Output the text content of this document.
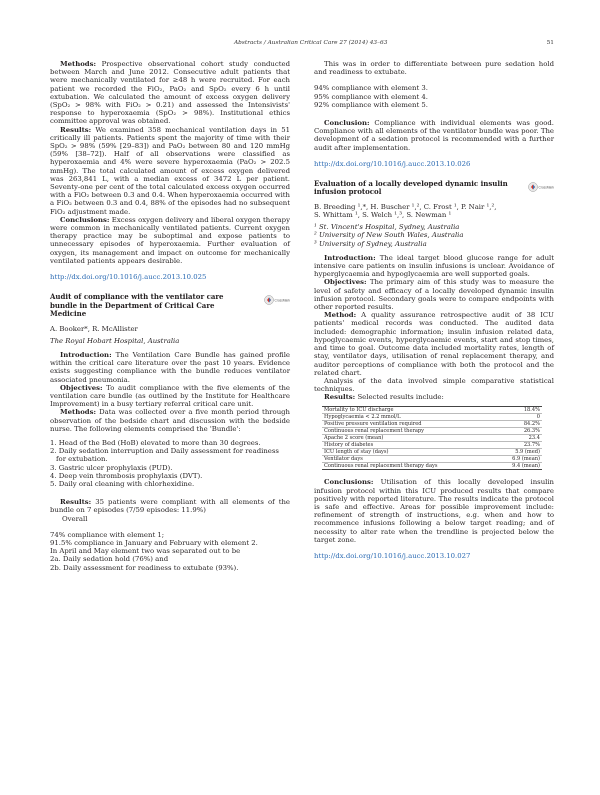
Abstracts / Australian Critical Care 27 (2014) 43–63	51

Methods: Prospective observational cohort study conducted between March and June 2012. Consecutive adult patients that were mechanically ventilated for ≥48 h were recruited. For each patient we recorded the FiO₂, PaO₂ and SpO₂ every 6 h until extubation. We calculated the amount of excess oxygen delivery (SpO₂ > 98% with FiO₂ > 0.21) and assessed the Intensivists' response to hyperoxaemia (SpO₂ > 98%). Institutional ethics committee approval was obtained.

Results: We examined 358 mechanical ventilation days in 51 critically ill patients. Patients spent the majority of time with their SpO₂ > 98% (59% [29–83]) and PaO₂ between 80 and 120 mmHg (59% [38–72]). Half of all observations were classified as hyperoxaemia and 4% were severe hyperoxaemia (PaO₂ > 202.5 mmHg). The total calculated amount of excess oxygen delivered was 263,841 L, with a median excess of 3472 L per patient. Seventy-one per cent of the total calculated excess oxygen occurred with a FiO₂ between 0.3 and 0.4. When hyperoxaemia occurred with a FiO₂ between 0.3 and 0.4, 88% of the episodes had no subsequent FiO₂ adjustment made.

Conclusions: Excess oxygen delivery and liberal oxygen therapy were common in mechanically ventilated patients. Current oxygen therapy practice may be suboptimal and expose patients to unnecessary episodes of hyperoxaemia. Further evaluation of oxygen, its management and impact on outcome for mechanically ventilated patients appears desirable.

http://dx.doi.org/10.1016/j.aucc.2013.10.025

Audit of compliance with the ventilator care bundle in the Department of Critical Care Medicine
CrossMark

A. Booker*, R. McAllister

The Royal Hobart Hospital, Australia

Introduction: The Ventilation Care Bundle has gained profile within the critical care literature over the past 10 years. Evidence exists suggesting compliance with the bundle reduces ventilator associated pneumonia.

Objectives: To audit compliance with the five elements of the ventilation care bundle (as outlined by the Institute for Healthcare Improvement) in a busy tertiary referral critical care unit.

Methods: Data was collected over a five month period through observation of the bedside chart and discussion with the bedside nurse. The following elements comprised the 'Bundle':

1. Head of the Bed (HoB) elevated to more than 30 degrees.
2. Daily sedation interruption and Daily assessment for readiness for extubation.
3. Gastric ulcer prophylaxis (PUD).
4. Deep vein thrombosis prophylaxis (DVT).
5. Daily oral cleaning with chlorhexidine.

Results: 35 patients were compliant with all elements of the bundle on 7 episodes (7/59 episodes: 11.9%)

Overall

74% compliance with element 1;
91.5% compliance in January and February with element 2.
In April and May element two was separated out to be
2a. Daily sedation hold (76%) and
2b. Daily assessment for readiness to extubate (93%).

This was in order to differentiate between pure sedation hold and readiness to extubate.

94% compliance with element 3.
95% compliance with element 4.
92% compliance with element 5.

Conclusion: Compliance with individual elements was good. Compliance with all elements of the ventilator bundle was poor. The development of a sedation protocol is recommended with a further audit after implementation.

http://dx.doi.org/10.1016/j.aucc.2013.10.026

Evaluation of a locally developed dynamic insulin infusion protocol	CrossMark

B. Breeding ¹,*, H. Buscher ¹,², C. Frost ¹, P. Nair ¹,²,

S. Whittam ¹, S. Welch ¹,³, S. Newman ¹

¹ St. Vincent's Hospital, Sydney, Australia
² University of New South Wales, Australia
³ University of Sydney, Australia

Introduction: The ideal target blood glucose range for adult intensive care patients on insulin infusions is unclear. Avoidance of hyperglycaemia and hypoglycaemia are well supported goals.

Objectives: The primary aim of this study was to measure the level of safety and efficacy of a locally developed dynamic insulin infusion protocol. Secondary goals were to compare endpoints with other reported results.

Method: A quality assurance retrospective audit of 38 ICU patients' medical records was conducted. The audited data included: demographic information; insulin infusion related data, hypoglycaemic events, hyperglycaemic events, start and stop times, and time to goal. Outcome data included mortality rates, length of stay, ventilator days, utilisation of renal replacement therapy, and auditor perceptions of compliance with both the protocol and the related chart.

Analysis of the data involved simple comparative statistical techniques.

Results: Selected results include:

Mortality to ICU discharge	18.4%
Hypoglycaemia < 2.2 mmol/L	0
Positive pressure ventilation required	84.2%
Continuous renal replacement therapy	26.3%
Apache 2 score (mean)	23.4
History of diabetes	23.7%
ICU length of stay (days)	5.9 (med)
Ventilator days	6.9 (mean)
Continuous renal replacement therapy days	9.4 (mean)

Conclusions: Utilisation of this locally developed insulin infusion protocol within this ICU produced results that compare positively with reported literature. The results indicate the protocol is safe and effective. Areas for possible improvement include: refinement of strength of instructions, e.g. when and how to recommence infusions following a below target reading; and of necessity to alter rate when the trendline is projected below the target zone.

http://dx.doi.org/10.1016/j.aucc.2013.10.027
